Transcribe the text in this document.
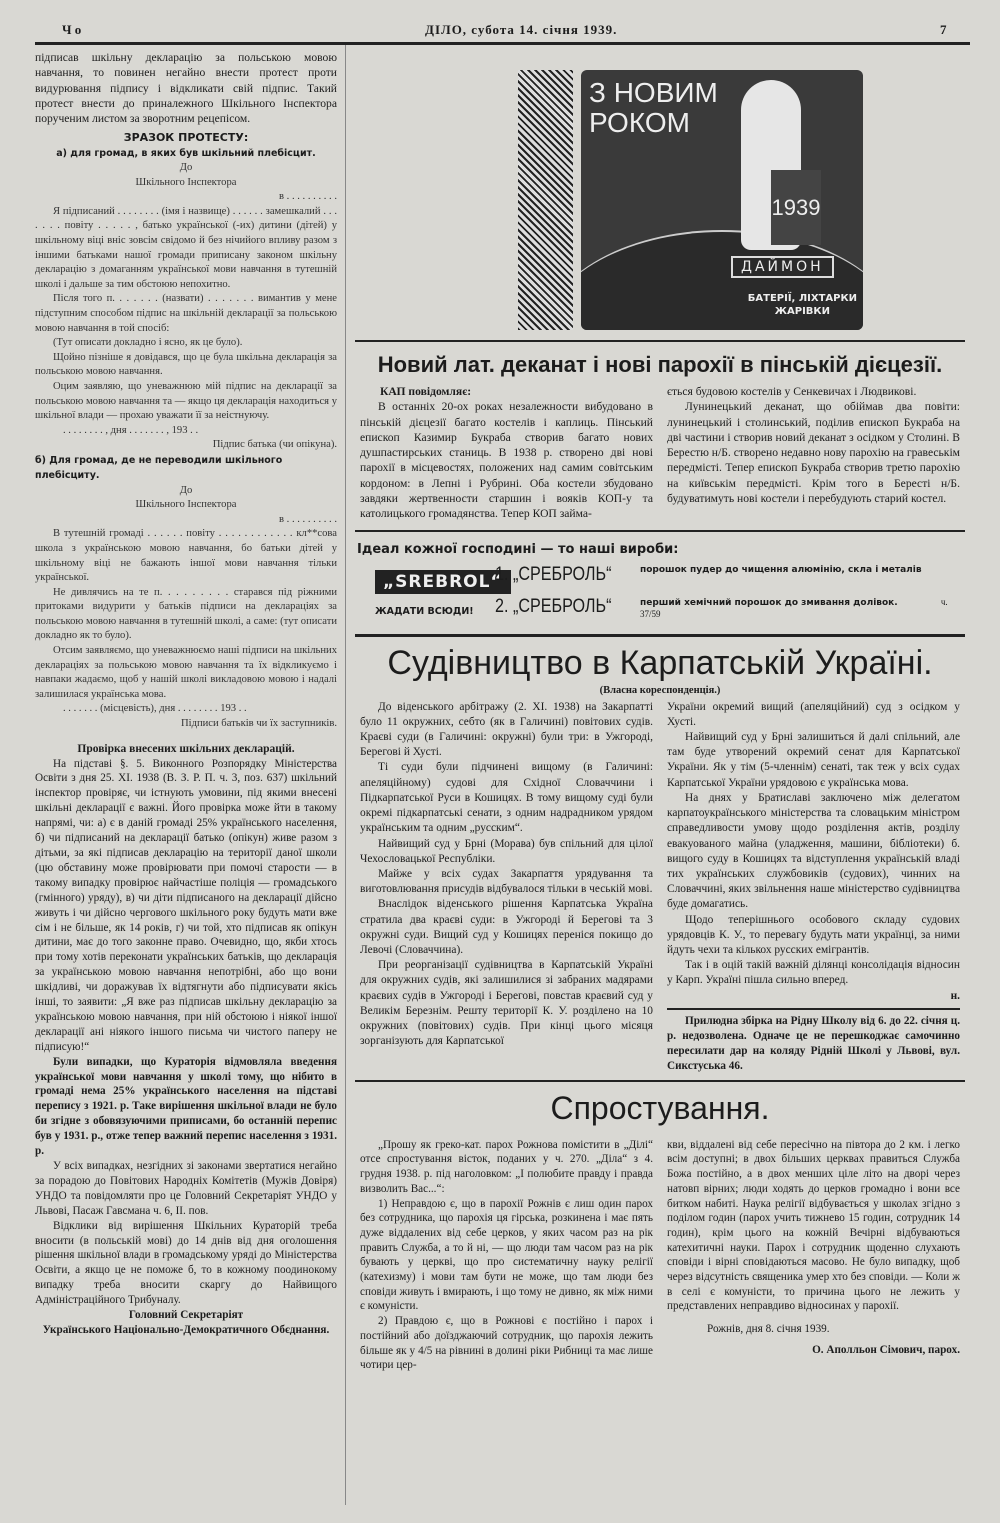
Ч о	ДІЛО, субота 14. січня 1939.	7

підписав шкільну декларацію за польською мовою навчання, то повинен негайно внести протест проти видурювання підпису і відкликати свій підпис. Такий протест внести до приналежного Шкільного Інспектора порученим листом за зворотним рецепісом.

ЗРАЗОК ПРОТЕСТУ:
а) для громад, в яких був шкільний плебісцит.
До
Шкільного Інспектора
в . . . . . . . . . .

Я підписаний . . . . . . . . (імя і назвище) . . . . . . замешкалий . . . . . . . повіту . . . . . , батько української (-их) дитини (дітей) у шкільному віці вніс зовсім свідомо й без нічийого впливу разом з іншими батьками нашої громади приписану законом шкільну декларацію з домаганням української мови навчання в тутешній школі і дальше за тим обстоюю непохитно.

Після того п. . . . . . . (назвати) . . . . . . . вимантив у мене підступним способом підпис на шкільній декларації за польською мовою навчання в той спосіб:

(Тут описати докладно і ясно, як це було).

Щойно пізніше я довідався, що це була шкільна декларація за польською мовою навчання.

Оцим заявляю, що уневажнюю мій підпис на декларації за польською мовою навчання та — якщо ця декларація находиться у шкільної влади — прохаю уважати її за неістнуючу.

. . . . . . . . , дня . . . . . . . , 193 . .
Підпис батька (чи опікуна).
б) Для громад, де не переводили шкільного плебісциту.
До
Шкільного Інспектора
в . . . . . . . . . .

В тутешній громаді . . . . . . повіту . . . . . . . . . . . . кл**сова школа з українською мовою навчання, бо батьки дітей у шкільному віці не бажають іншої мови навчання тільки української.

Не дивлячись на те п. . . . . . . . . старався під ріжними притоками видурити у батьків підписи на деклараціях за польською мовою навчання в тутешній школі, а саме: (тут описати докладно як то було).

Отсим заявляємо, що уневажнюємо наші підписи на шкільних деклараціях за польською мовою навчання та їх відкликуємо і навпаки жадаємо, щоб у нашій школі викладовою мовою і надалі залишилася українська мова.

. . . . . . . (місцевість), дня . . . . . . . . 193 . .
Підписи батьків чи їх заступників.
Провірка внесених шкільних декларацій.

На підставі §. 5. Виконного Розпорядку Міністерства Освіти з дня 25. XI. 1938 (В. З. Р. П. ч. 3, поз. 637) шкільний інспектор провіряє, чи істнують умовини, під якими внесені шкільні декларації є важні. Його провірка може йти в такому напрямі, чи: а) є в даній громаді 25% українського населення, б) чи підписаний на декларації батько (опікун) живе разом з дітьми, за які підписав декларацію на території даної школи (цю обставину може провірювати при помочі старости — в такому випадку провірює найчастіше поліція — громадського (гмінного) уряду), в) чи діти підписаного на декларації дійсно живуть і чи дійсно чергового шкільного року будуть мати вже сім і не більше, як 14 років, г) чи той, хто підписав як опікун дитини, має до того законне право. Очевидно, що, якби хтось при тому хотів переконати українських батьків, що декларація за українською мовою навчання непотрібні, або що вони шкідливі, чи доражував їх відтягнути або підписувати якісь інші, то заявити: „Я вже раз підписав шкільну декларацію за українською мовою навчання, при ній обстоюю і ніякої іншої декларації ані ніякого іншого письма чи чистого паперу не підписую!“

Були випадки, що Кураторія відмовляла введення української мови навчання у школі тому, що нібито в громаді нема 25% українського населення на підставі перепису з 1921. р. Таке вирішення шкільної влади не було би згідне з обовязуючими приписами, бо останній перепис був у 1931. р., отже тепер важний перепис населення з 1931. р.

У всіх випадках, незгідних зі законами звертатися негайно за порадою до Повітових Народніх Комітетів (Мужів Довіря) УНДО та повідомляти про це Головний Секретаріят УНДО у Львові, Пасаж Гавсмана ч. 6, II. пов.

Відклики від вирішення Шкільних Кураторій треба вносити (в польській мові) до 14 днів від дня оголошення рішення шкільної влади в громадському уряді до Міністерства Освіти, а якщо це не поможе б, то в кожному поодинокому випадку треба вносити скаргу до Найвищого Адміністраційного Трибуналу.

Головний Секретаріят
Українського Національно-Демократичного Обєднання.
З НОВИМ
РОКОМ
1939
ДАЙМОН
БАТЕРІЇ, ЛІХТАРКИ
ЖАРІВКИ
Новий лат. деканат і нові парохії в пінській дієцезії.
КАП повідомляє:

В останніх 20-ох роках незалежности вибудовано в пінській дієцезії багато костелів і каплиць. Пінський епископ Казимир Букраба створив багато нових душпастирських станиць. В 1938 р. створено дві нові парохії в місцевостях, положених над самим совітським кордоном: в Лепні і Рубрині. Оба костели збудовано завдяки жертвенности старшин і вояків КОП-у та католицького громадянства. Тепер КОП займа-

ється будовою костелів у Сенкевичах і Людвикові.

Лунинецький деканат, що обіймав два повіти: лунинецький і столинський, поділив епископ Букраба на дві частини і створив новий деканат з осідком у Столині. В Берестю н/Б. створено недавно нову парохію на гравеськім передмісті. Тепер епископ Букраба створив третю парохію на київськім передмісті. Крім того в Бересті н/Б. будуватимуть нові костели і перебудують старий костел.

Ідеал кожної господині — то наші вироби:
„SREBROL“
ЖАДАТИ ВСЮДИ!
1. „СРЕБРОЛЬ“	порошок пудер до чищення алюмінію, скла і металів
2. „СРЕБРОЛЬ“	перший хемічний порошок до змивання долівок.	ч. 37/59
Судівництво в Карпатській Україні.
(Власна кореспонденція.)

До віденського арбітражу (2. XI. 1938) на Закарпатті було 11 окружних, себто (як в Галичині) повітових судів. Краєві суди (в Галичині: окружні) були три: в Ужгороді, Берегові й Хусті.

Ті суди були підчинені вищому (в Галичині: апеляційному) судові для Східної Словаччини і Підкарпатської Руси в Кошицях. В тому вищому суді були окремі підкарпатські сенати, з одним надрадником урядом українським та одним „русским“.

Найвищий суд у Брні (Морава) був спільний для цілої Чехословацької Республіки.

Майже у всіх судах Закарпаття урядування та виготовлювання присудів відбувалося тільки в чеській мові.

Внаслідок віденського рішення Карпатська Україна стратила два краєві суди: в Ужгороді й Берегові та 3 окружні суди. Вищий суд у Кошицях переніся покищо до Левочі (Словаччина).

При реорганізації судівництва в Карпатській Україні для окружних судів, які залишилися зі забраних мадярами краєвих судів в Ужгороді і Берегові, повстав краєвий суд у Великім Березнім. Решту території К. У. розділено на 10 окружних (повітових) судів. При кінці цього місяця зорганізують для Карпатської

України окремий вищий (апеляційний) суд з осідком у Хусті.

Найвищий суд у Брні залишиться й далі спільний, але там буде утворений окремий сенат для Карпатської України. Як у тім (5-членнім) сенаті, так теж у всіх судах Карпатської України урядовою є українська мова.

На днях у Братиславі заключено між делегатом карпатоукраїнського міністерства та словацьким міністром справедливости умову щодо розділення актів, розділу евакуованого майна (уладження, машини, бібліотеки) б. вищого суду в Кошицях та відступлення українській владі тих українських службовиків (судових), чинних на Словаччині, яких звільнення наше міністерство судівництва буде домагатись.

Щодо теперішнього особового складу судових урядовців К. У., то перевагу будуть мати українці, за ними йдуть чехи та кількох русских емігрантів.

Так і в оцій такій важній ділянці консолідація відносин у Карп. Україні пішла сильно вперед.

н.

Прилюдна збірка на Рідну Школу від 6. до 22. січня ц. р. недозволена. Одначе це не перешкоджає самочинно пересилати дар на коляду Рідній Школі у Львові, вул. Сикстуська 46.

Спростування.

„Прошу як греко-кат. парох Рожнова помістити в „Ділі“ отсе спростування вісток, поданих у ч. 270. „Діла“ з 4. грудня 1938. р. під наголовком: „І полюбите правду і правда визволить Вас...“:

1) Неправдою є, що в парохії Рожнів є лиш один парох без сотрудника, що парохія ця гірська, розкинена і має пять дуже віддалених від себе церков, у яких часом раз на рік править Служба, а то й ні, — що люди там часом раз на рік бувають у церкві, що про систематичну науку релігії (катехизму) і мови там бути не може, що там люди без сповіди живуть і вмирають, і що тому не дивно, як між ними є комуністи.

2) Правдою є, що в Рожнові є постійно і парох і постійний або доїзджаючий сотрудник, що парохія лежить більше як у 4/5 на рівнині в долині ріки Рибниці та має лише чотири цер-

кви, віддалені від себе пересічно на півтора до 2 км. і легко всім доступні; в двох більших церквах правиться Служба Божа постійно, а в двох менших ціле літо на дворі через натовп вірних; люди ходять до церков громадно і вони все битком набиті. Наука релігії відбувається у школах згідно з поділом годин (парох учить тижнево 15 годин, сотрудник 14 годин), крім цього на кожній Вечірні відбуваються катехитичні науки. Парох і сотрудник щоденно слухають сповіди і вірні сповідаються масово. Не було випадку, щоб через відсутність священика умер хто без сповіди. — Коли ж в селі є комуністи, то причина цього не лежить у представлених неправдиво відносинах у парохії.

Рожнів, дня 8. січня 1939.
О. Аполльон Сімович, парох.
